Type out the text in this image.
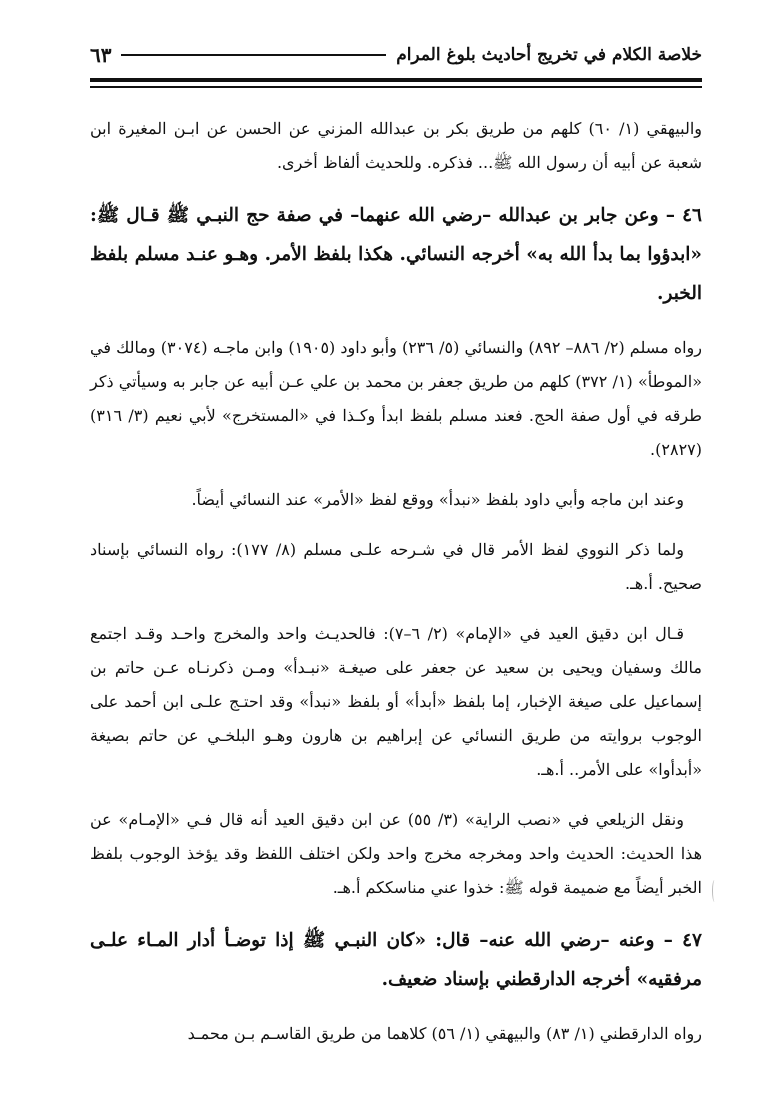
خلاصة الكلام في تخريج أحاديث بلوغ المرام
٦٣

والبيهقي (١/ ٦٠) كلهم من طريق بكر بن عبدالله المزني عن الحسن عن ابـن المغيرة ابن شعبة عن أبيه أن رسول الله ﷺ... فذكره. وللحديث ألفاظ أخرى.

٤٦ – وعن جابر بن عبدالله –رضي الله عنهما– في صفة حج النبـي ﷺ قـال ﷺ: «ابدؤوا بما بدأ الله به» أخرجه النسائي. هكذا بلفظ الأمر. وهـو عنـد مسلم بلفظ الخبر.

رواه مسلم (٢/ ٨٨٦– ٨٩٢) والنسائي (٥/ ٢٣٦) وأبو داود (١٩٠٥) وابن ماجـه (٣٠٧٤) ومالك في «الموطأ» (١/ ٣٧٢) كلهم من طريق جعفر بن محمد بن علي عـن أبيه عن جابر به وسيأتي ذكر طرقه في أول صفة الحج. فعند مسلم بلفظ ابدأ وكـذا في «المستخرج» لأبي نعيم (٣/ ٣١٦) (٢٨٢٧).

وعند ابن ماجه وأبي داود بلفظ «نبدأ» ووقع لفظ «الأمر» عند النسائي أيضاً.

ولما ذكر النووي لفظ الأمر قال في شـرحه علـى مسلم (٨/ ١٧٧): رواه النسائي بإسناد صحيح. أ.هـ.

قـال ابن دقيق العيد في «الإمام» (٢/ ٦–٧): فالحديـث واحد والمخرج واحـد وقـد اجتمع مالك وسفيان ويحيى بن سعيد عن جعفر على صيغـة «نبـدأ» ومـن ذكرنـاه عـن حاتم بن إسماعيل على صيغة الإخبار، إما بلفظ «أبدأ» أو بلفظ «نبدأ» وقد احتـج علـى ابن أحمد على الوجوب بروايته من طريق النسائي عن إبراهيم بن هارون وهـو البلخـي عن حاتم بصيغة «أبدأوا» على الأمر.. أ.هـ.

ونقل الزيلعي في «نصب الراية» (٣/ ٥٥) عن ابن دقيق العيد أنه قال فـي «الإمـام» عن هذا الحديث: الحديث واحد ومخرجه مخرج واحد ولكن اختلف اللفظ وقد يؤخذ الوجوب بلفظ الخبر أيضاً مع ضميمة قوله ﷺ: خذوا عني مناسككم أ.هـ.

٤٧ – وعنه –رضي الله عنه– قال: «كان النبـي ﷺ إذا توضـأ أدار المـاء علـى مرفقيه» أخرجه الدارقطني بإسناد ضعيف.

رواه الدارقطني (١/ ٨٣) والبيهقي (١/ ٥٦) كلاهما من طريق القاسـم بـن محمـد
